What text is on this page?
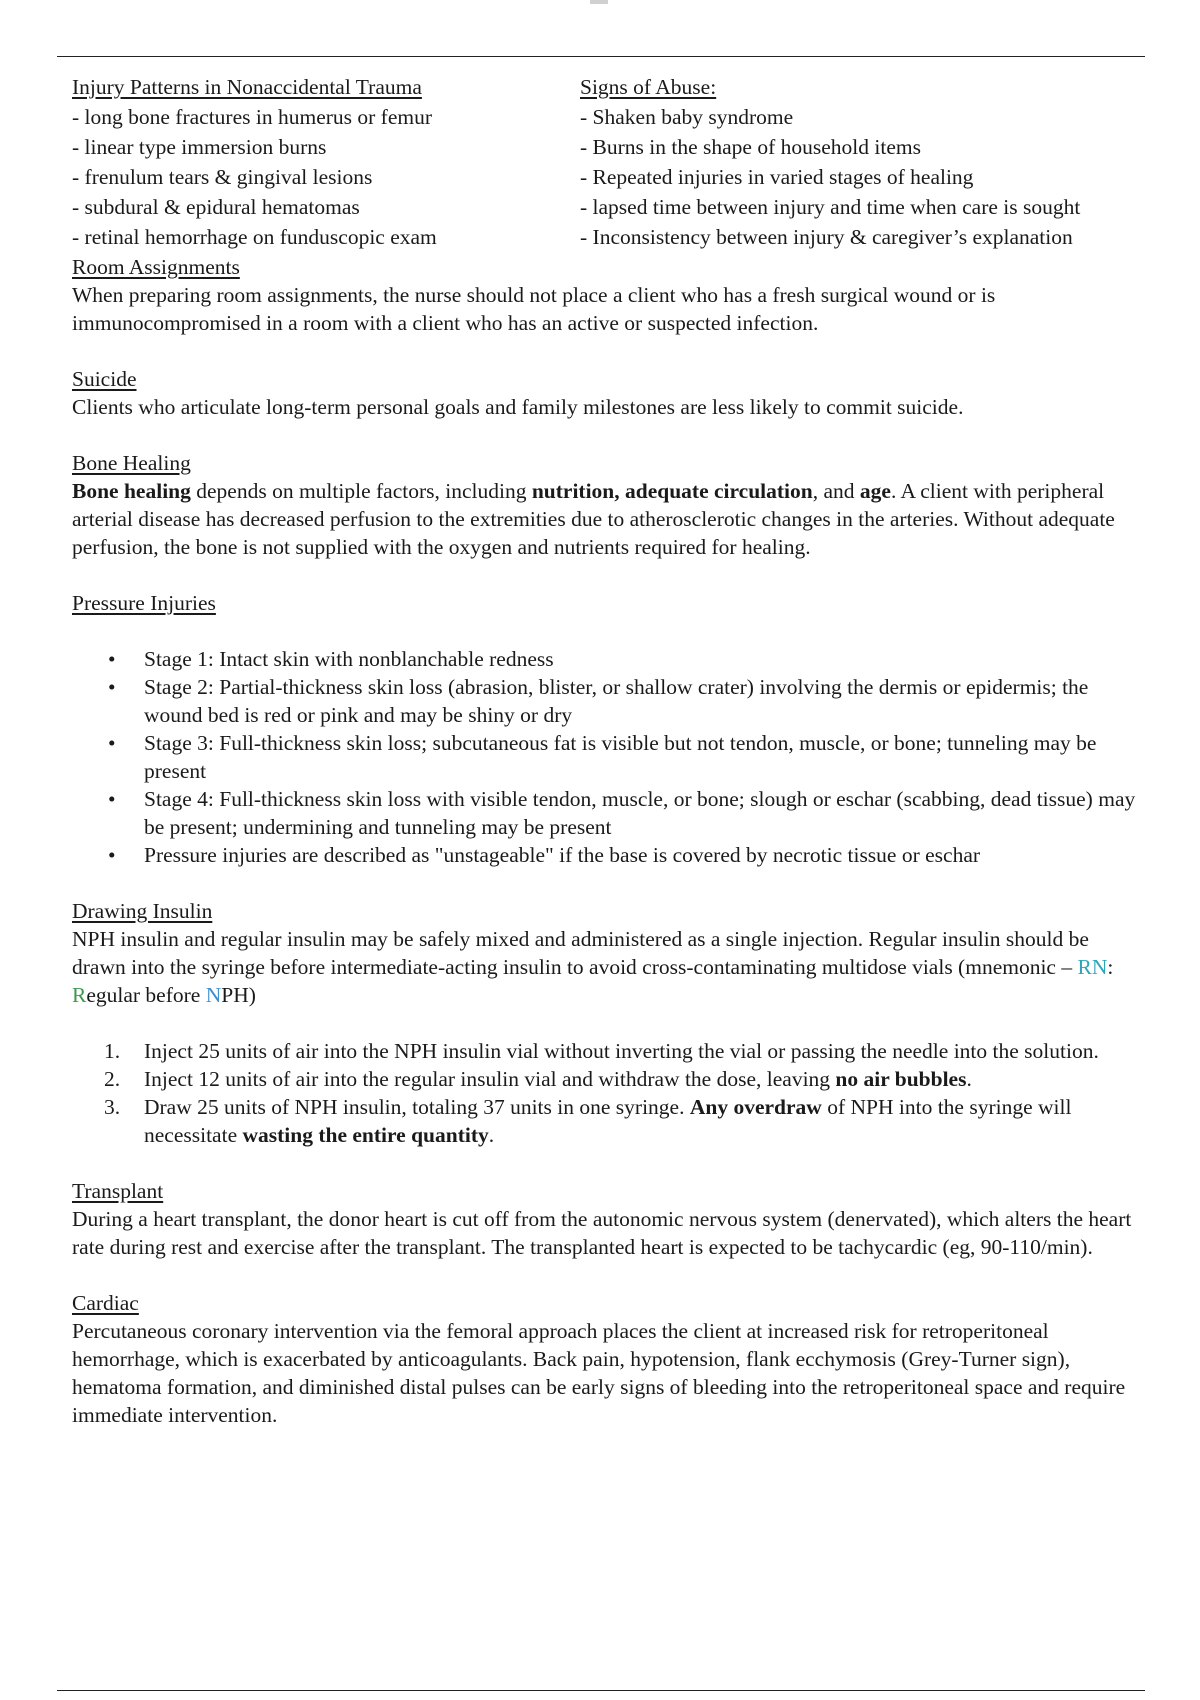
Injury Patterns in Nonaccidental Trauma	Signs of Abuse:
- long bone fractures in humerus or femur	- Shaken baby syndrome
- linear type immersion burns	- Burns in the shape of household items
- frenulum tears & gingival lesions	- Repeated injuries in varied stages of healing
- subdural & epidural hematomas	- lapsed time between injury and time when care is sought
- retinal hemorrhage on funduscopic exam	- Inconsistency between injury & caregiver’s explanation
Room Assignments

When preparing room assignments, the nurse should not place a client who has a fresh surgical wound or is immunocompromised in a room with a client who has an active or suspected infection.

Suicide

Clients who articulate long-term personal goals and family milestones are less likely to commit suicide.

Bone Healing

Bone healing depends on multiple factors, including nutrition, adequate circulation, and age. A client with peripheral arterial disease has decreased perfusion to the extremities due to atherosclerotic changes in the arteries. Without adequate perfusion, the bone is not supplied with the oxygen and nutrients required for healing.

Pressure Injuries
• Stage 1: Intact skin with nonblanchable redness
• Stage 2: Partial-thickness skin loss (abrasion, blister, or shallow crater) involving the dermis or epidermis; the wound bed is red or pink and may be shiny or dry
• Stage 3: Full-thickness skin loss; subcutaneous fat is visible but not tendon, muscle, or bone; tunneling may be present
• Stage 4: Full-thickness skin loss with visible tendon, muscle, or bone; slough or eschar (scabbing, dead tissue) may be present; undermining and tunneling may be present
• Pressure injuries are described as "unstageable" if the base is covered by necrotic tissue or eschar
Drawing Insulin

NPH insulin and regular insulin may be safely mixed and administered as a single injection. Regular insulin should be drawn into the syringe before intermediate-acting insulin to avoid cross-contaminating multidose vials (mnemonic – RN: Regular before NPH)

1. Inject 25 units of air into the NPH insulin vial without inverting the vial or passing the needle into the solution.
2. Inject 12 units of air into the regular insulin vial and withdraw the dose, leaving no air bubbles.
3. Draw 25 units of NPH insulin, totaling 37 units in one syringe. Any overdraw of NPH into the syringe will necessitate wasting the entire quantity.
Transplant

During a heart transplant, the donor heart is cut off from the autonomic nervous system (denervated), which alters the heart rate during rest and exercise after the transplant. The transplanted heart is expected to be tachycardic (eg, 90-110/min).

Cardiac

Percutaneous coronary intervention via the femoral approach places the client at increased risk for retroperitoneal hemorrhage, which is exacerbated by anticoagulants. Back pain, hypotension, flank ecchymosis (Grey-Turner sign), hematoma formation, and diminished distal pulses can be early signs of bleeding into the retroperitoneal space and require immediate intervention.
